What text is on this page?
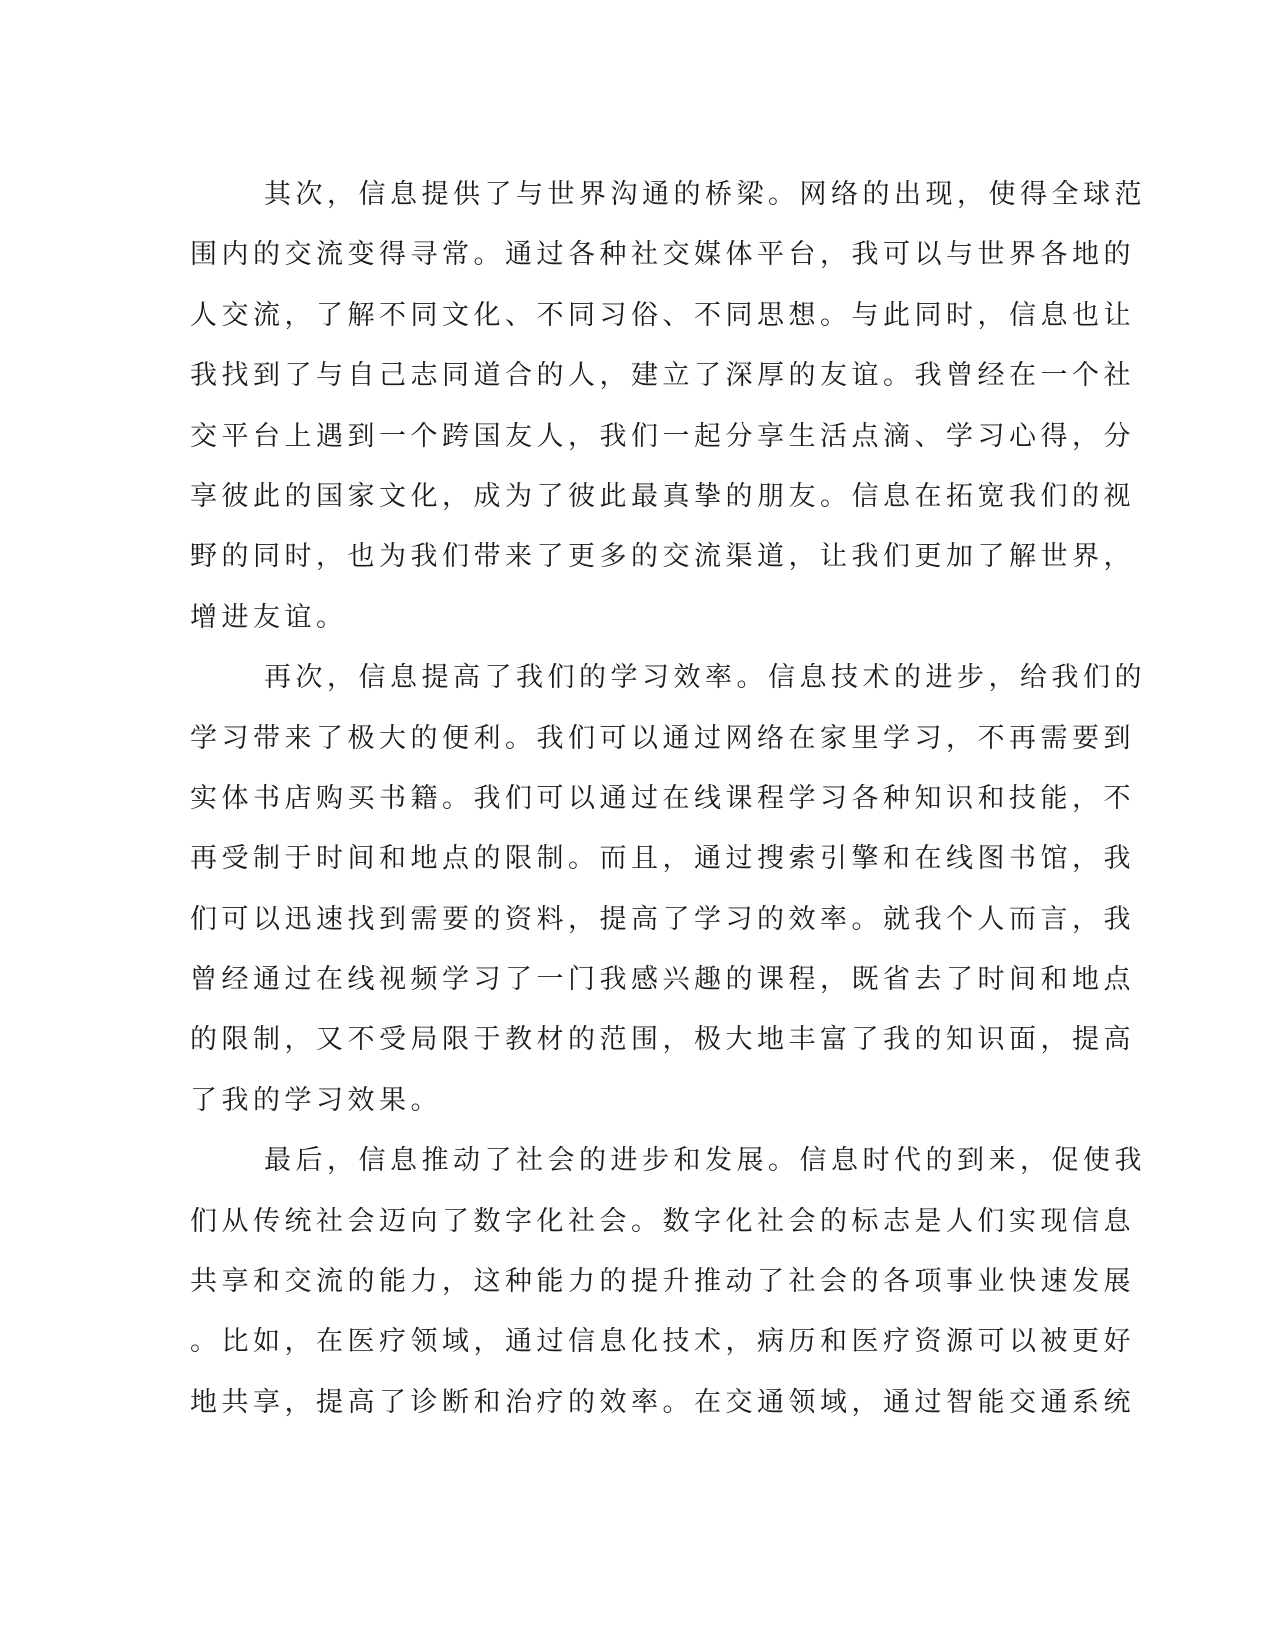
其次，信息提供了与世界沟通的桥梁。网络的出现，使得全球范
围内的交流变得寻常。通过各种社交媒体平台，我可以与世界各地的
人交流，了解不同文化、不同习俗、不同思想。与此同时，信息也让
我找到了与自己志同道合的人，建立了深厚的友谊。我曾经在一个社
交平台上遇到一个跨国友人，我们一起分享生活点滴、学习心得，分
享彼此的国家文化，成为了彼此最真挚的朋友。信息在拓宽我们的视
野的同时，也为我们带来了更多的交流渠道，让我们更加了解世界，
增进友谊。
再次，信息提高了我们的学习效率。信息技术的进步，给我们的
学习带来了极大的便利。我们可以通过网络在家里学习，不再需要到
实体书店购买书籍。我们可以通过在线课程学习各种知识和技能，不
再受制于时间和地点的限制。而且，通过搜索引擎和在线图书馆，我
们可以迅速找到需要的资料，提高了学习的效率。就我个人而言，我
曾经通过在线视频学习了一门我感兴趣的课程，既省去了时间和地点
的限制，又不受局限于教材的范围，极大地丰富了我的知识面，提高
了我的学习效果。
最后，信息推动了社会的进步和发展。信息时代的到来，促使我
们从传统社会迈向了数字化社会。数字化社会的标志是人们实现信息
共享和交流的能力，这种能力的提升推动了社会的各项事业快速发展
。比如，在医疗领域，通过信息化技术，病历和医疗资源可以被更好
地共享，提高了诊断和治疗的效率。在交通领域，通过智能交通系统
